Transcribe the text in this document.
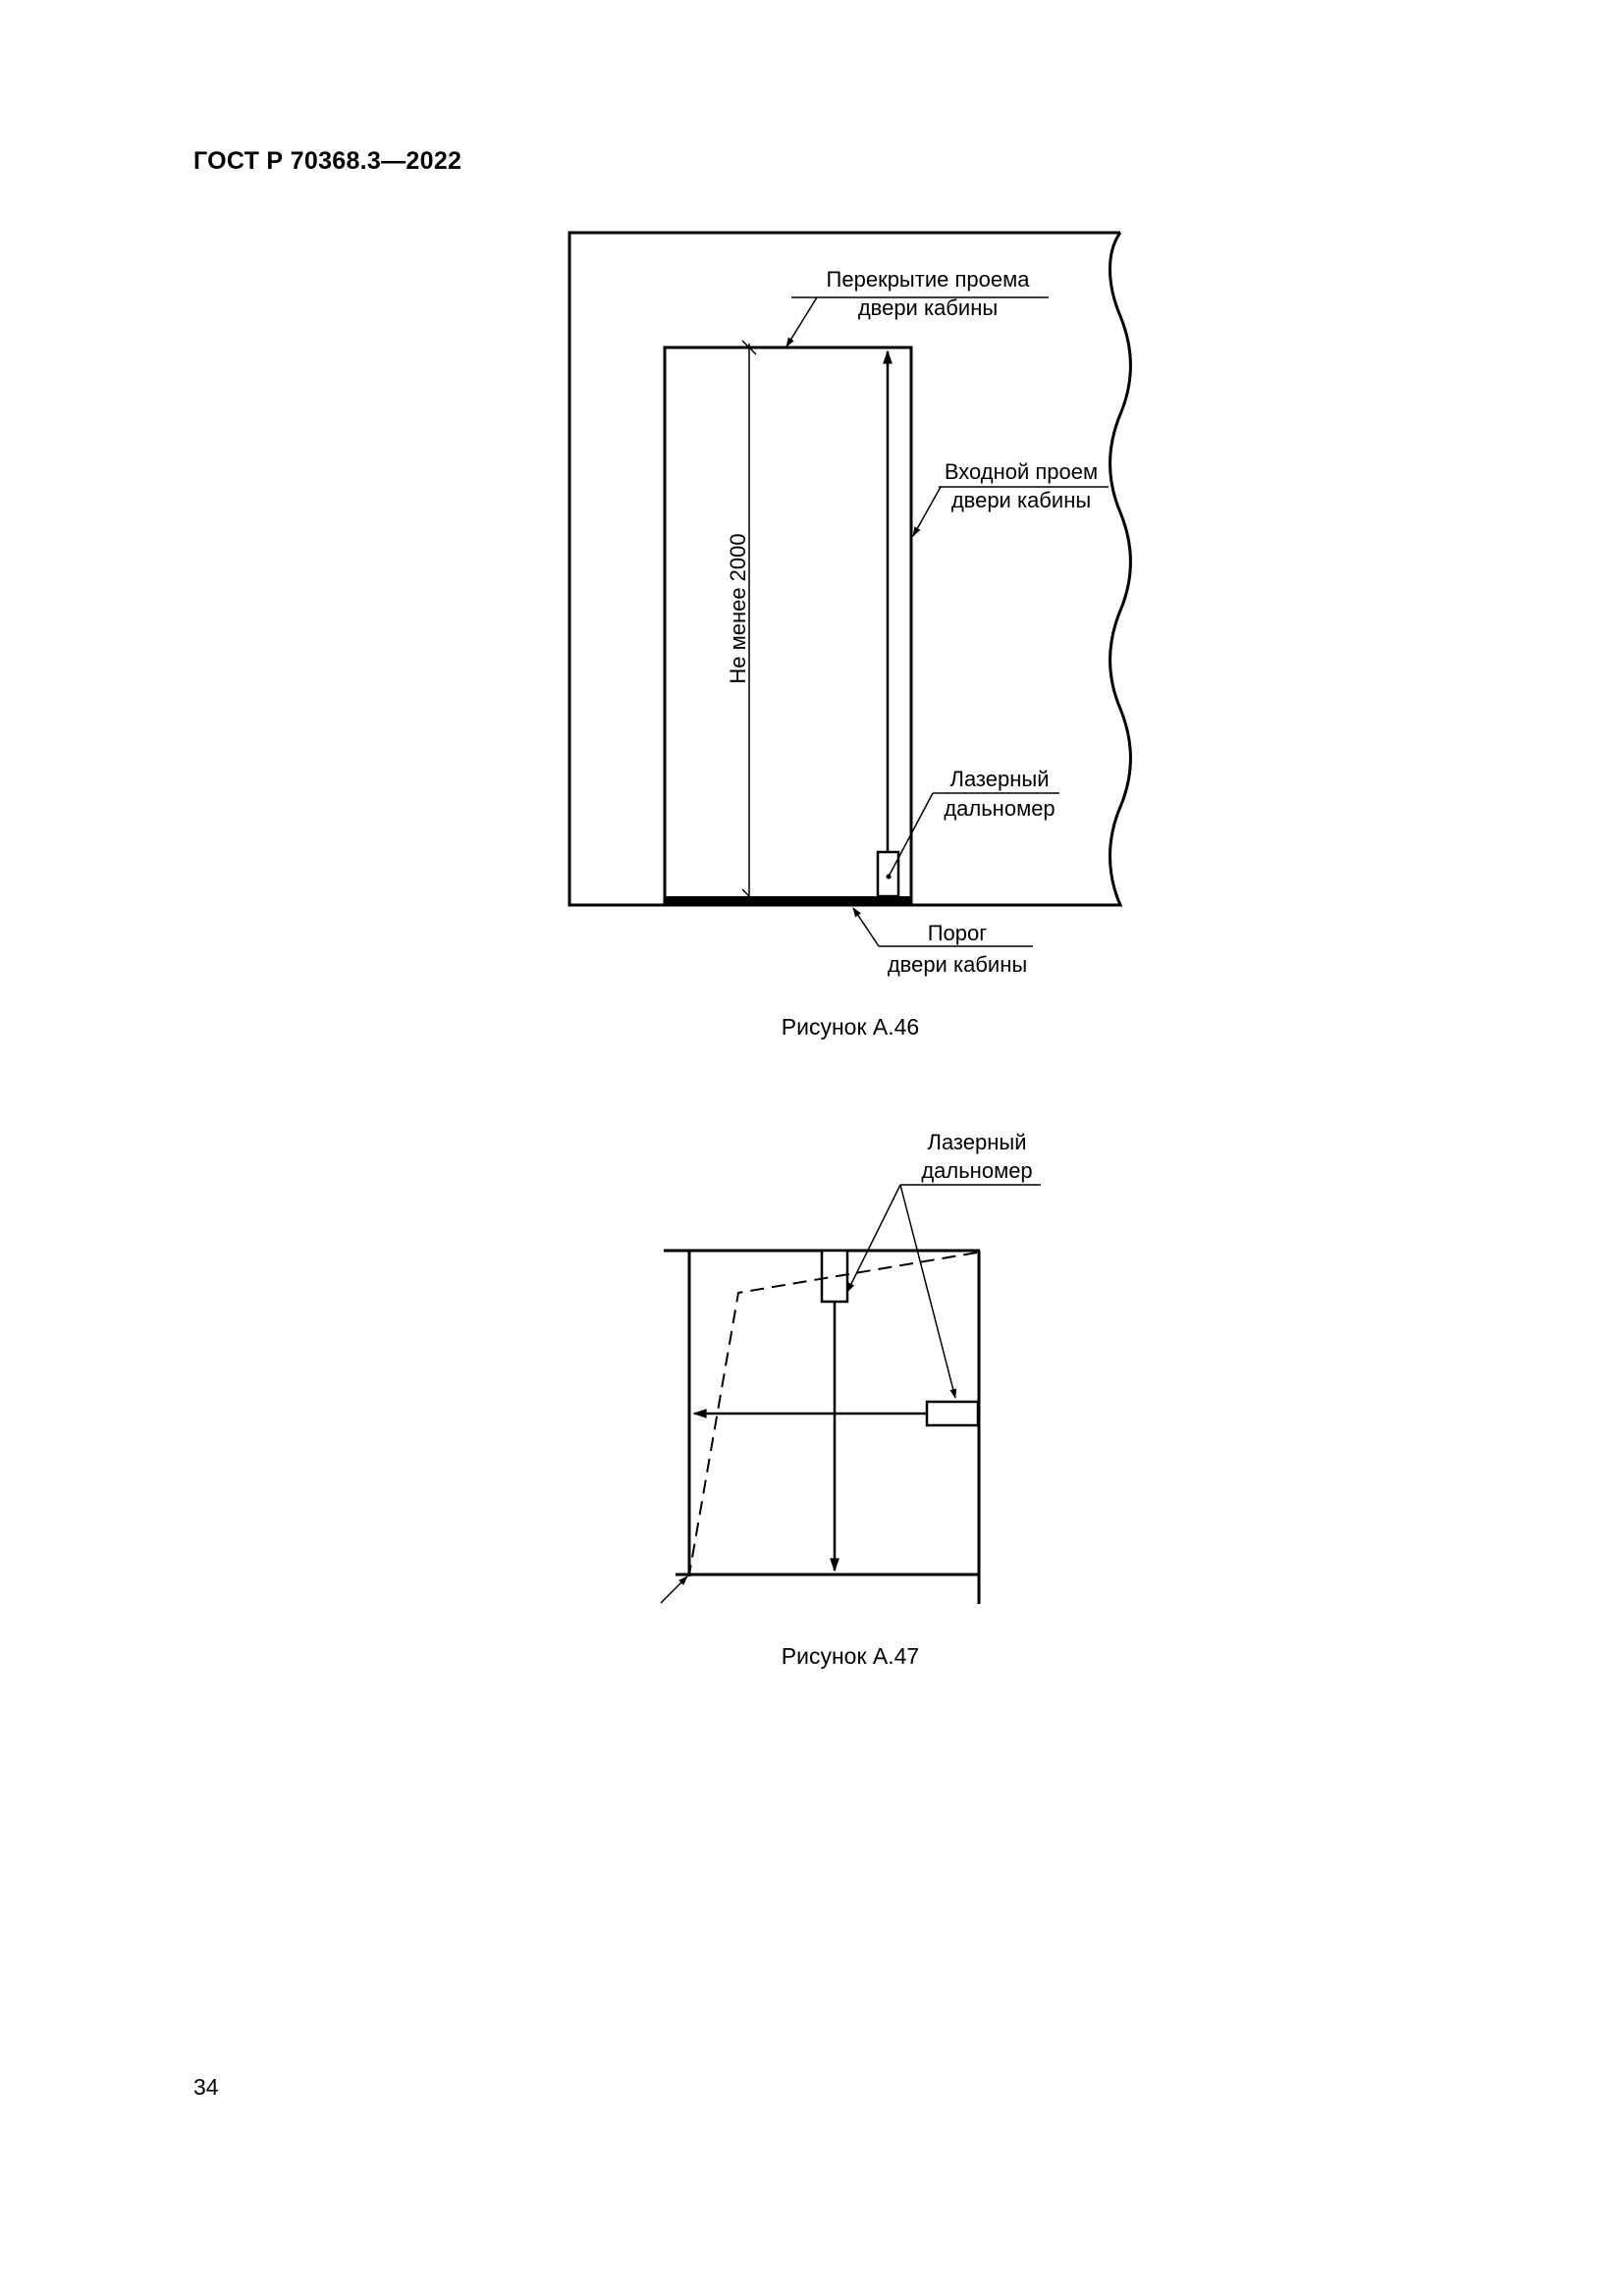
ГОСТ Р 70368.3—2022
Перекрытие проема
двери кабины
Входной проем
двери кабины
Лазерный
дальномер
Порог
двери кабины
Не менее 2000
Лазерный
дальномер
Рисунок А.46
Рисунок А.47
34
